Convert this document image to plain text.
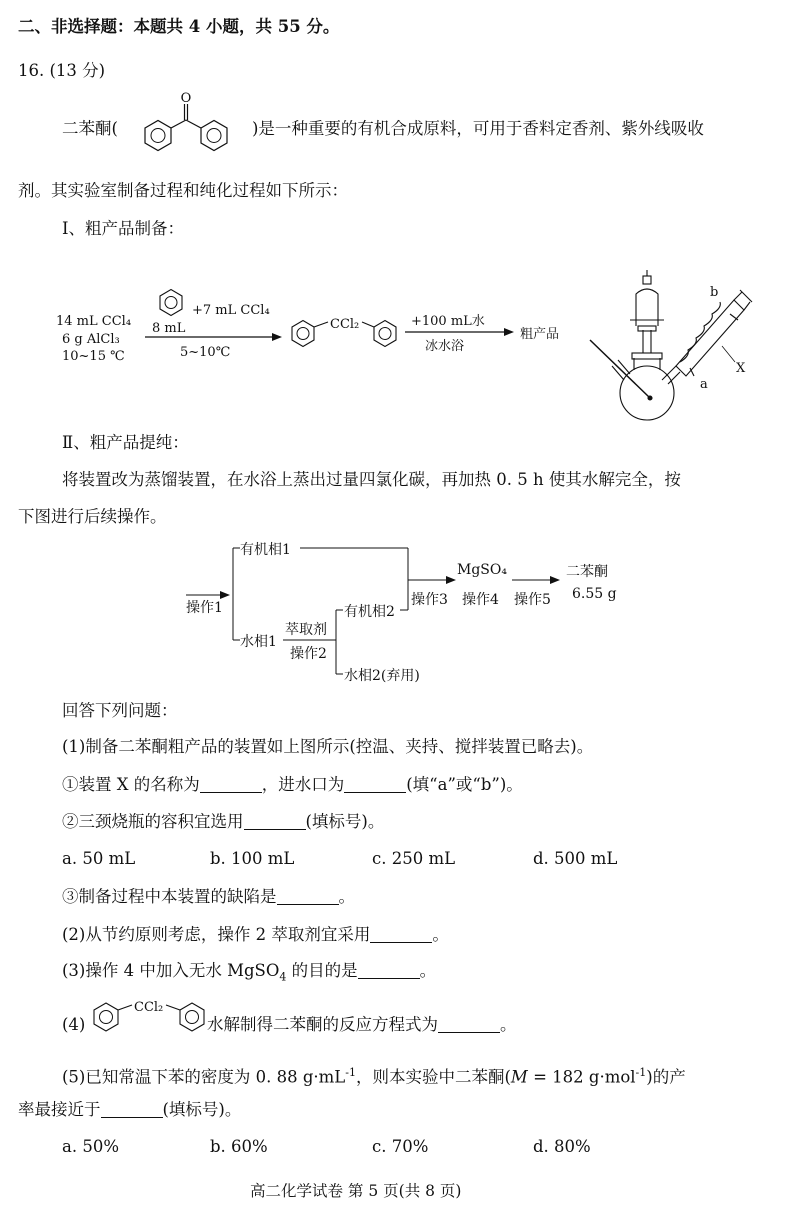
二、非选择题：本题共 4 小题，共 55 分。
16. (13 分)
二苯酮(
O
)是一种重要的有机合成原料，可用于香料定香剂、紫外线吸收
剂。其实验室制备过程和纯化过程如下所示：
Ⅰ、粗产品制备：
14 mL CCl₄
6 g AlCl₃
10~15 ℃
+7 mL CCl₄
8 mL
5~10℃
CCl₂	+100 mL水
冰水浴
粗产品
b
X
a
Ⅱ、粗产品提纯：
将装置改为蒸馏装置，在水浴上蒸出过量四氯化碳，再加热 0. 5 h 使其水解完全，按
下图进行后续操作。
有机相1
操作1
水相1
萃取剂
操作2
有机相2
水相2(弃用)
操作3
MgSO₄
操作4 操作5
二苯酮
6.55 g
回答下列问题：
(1)制备二苯酮粗产品的装置如上图所示(控温、夹持、搅拌装置已略去)。
①装置 X 的名称为	，进水口为	(填“a”或“b”)。
②三颈烧瓶的容积宜选用	(填标号)。
a. 50 mL	b. 100 mL	c. 250 mL	d. 500 mL
③制备过程中本装置的缺陷是	。
(2)从节约原则考虑，操作 2 萃取剂宜采用	。
(3)操作 4 中加入无水 MgSO$_4$ 的目的是	。
(4)
CCl₂
水解制得二苯酮的反应方程式为	。
(5)已知常温下苯的密度为 0. 88 $g\cdot mL^{-1}$，则本实验中二苯酮(M = 182 g·mol$^{-1}$)的产
率最接近于	(填标号)。
a. 50%	b. 60%	c. 70%	d. 80%
高二化学试卷 第 5 页(共 8 页)
